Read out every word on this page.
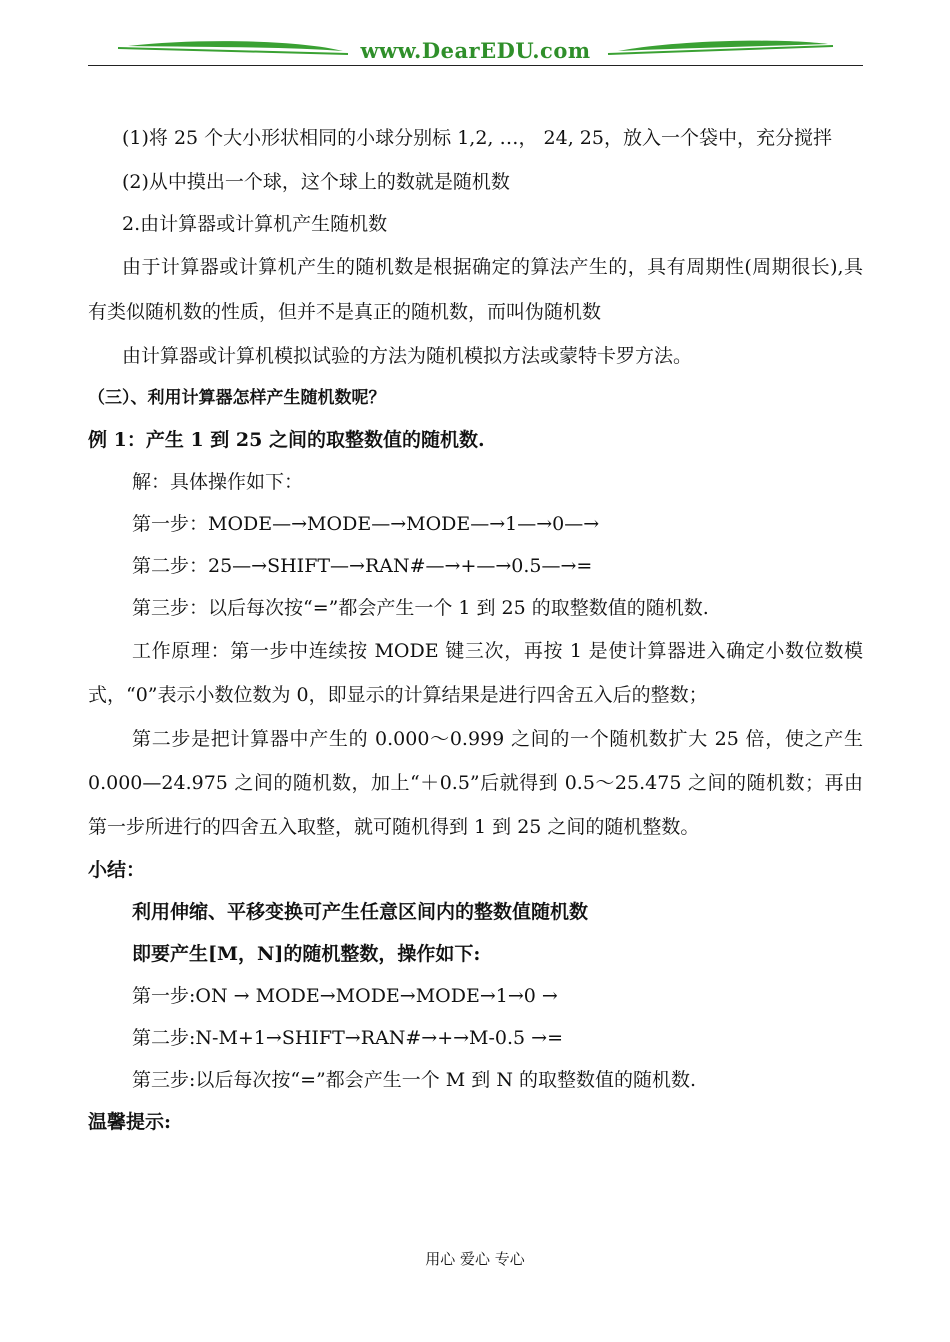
www.DearEDU.com

(1)将 25 个大小形状相同的小球分别标 1,2, …， 24, 25，放入一个袋中，充分搅拌

(2)从中摸出一个球，这个球上的数就是随机数

2.由计算器或计算机产生随机数

由于计算器或计算机产生的随机数是根据确定的算法产生的，具有周期性(周期很长),具有类似随机数的性质，但并不是真正的随机数，而叫伪随机数

由计算器或计算机模拟试验的方法为随机模拟方法或蒙特卡罗方法。

（三）、利用计算器怎样产生随机数呢？

例 1：产生 1 到 25 之间的取整数值的随机数.

解：具体操作如下：

第一步：MODE—→MODE—→MODE—→1—→0—→

第二步：25—→SHIFT—→RAN#—→+—→0.5—→=

第三步：以后每次按“=”都会产生一个 1 到 25 的取整数值的随机数.

工作原理：第一步中连续按 MODE 键三次，再按 1 是使计算器进入确定小数位数模式，“0”表示小数位数为 0，即显示的计算结果是进行四舍五入后的整数；

第二步是把计算器中产生的 0.000～0.999 之间的一个随机数扩大 25 倍，使之产生 0.000—24.975 之间的随机数，加上“＋0.5”后就得到 0.5～25.475 之间的随机数；再由第一步所进行的四舍五入取整，就可随机得到 1 到 25 之间的随机整数。

小结：

利用伸缩、平移变换可产生任意区间内的整数值随机数

即要产生[M，N]的随机整数，操作如下:

第一步:ON → MODE→MODE→MODE→1→0 →

第二步:N-M+1→SHIFT→RAN#→+→M-0.5 →=

第三步:以后每次按“=”都会产生一个 M 到 N 的取整数值的随机数.

温馨提示:

用心 爱心 专心
